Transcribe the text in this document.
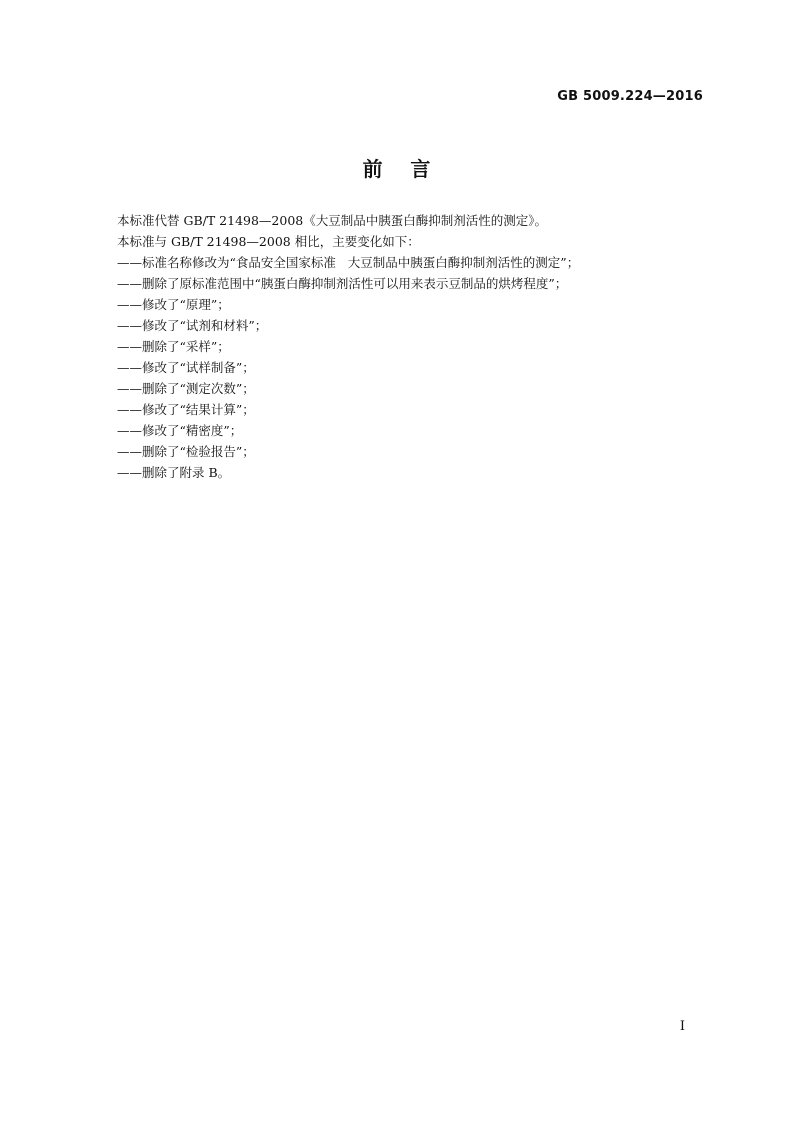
GB 5009.224—2016
前    言

本标准代替 GB/T 21498—2008《大豆制品中胰蛋白酶抑制剂活性的测定》。

本标准与 GB/T 21498—2008 相比，主要变化如下：

——标准名称修改为“食品安全国家标准   大豆制品中胰蛋白酶抑制剂活性的测定”；

——删除了原标准范围中“胰蛋白酶抑制剂活性可以用来表示豆制品的烘烤程度”；

——修改了“原理”；

——修改了“试剂和材料”；

——删除了“采样”；

——修改了“试样制备”；

——删除了“测定次数”；

——修改了“结果计算”；

——修改了“精密度”；

——删除了“检验报告”；

——删除了附录 B。

I
